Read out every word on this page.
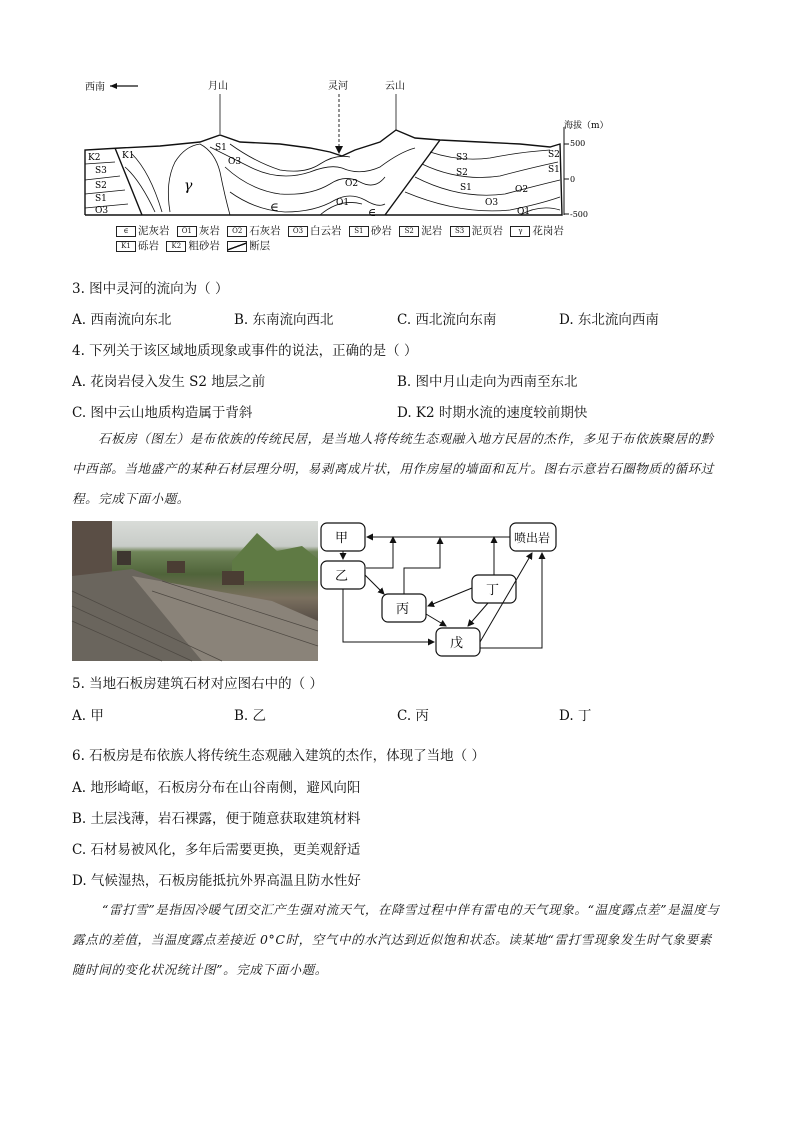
西南	月山	灵河	云山
K2 K1
S3
S2
S1
O3
γ
S1
O3
O2
O1
∈	∈
S3
S2
S1
O3
O2
O1
S2
S1
海拔（m）
500
0
-500
∈ 泥灰岩 O1 灰岩 O2 石灰岩 O3 白云岩 S1 砂岩 S2 泥岩 S3 泥页岩 γ 花岗岩
K1 砾岩 K2 粗砂岩	断层
3. 图中灵河的流向为（ ）
A. 西南流向东北	B. 东南流向西北	C. 西北流向东南	D. 东北流向西南
4. 下列关于该区域地质现象或事件的说法，正确的是（ ）
A. 花岗岩侵入发生 S2 地层之前	B. 图中月山走向为西南至东北
C. 图中云山地质构造属于背斜	D. K2 时期水流的速度较前期快
石板房（图左）是布依族的传统民居，是当地人将传统生态观融入地方民居的杰作，多见于布依族聚居的黔中西部。当地盛产的某种石材层理分明，易剥离成片状，用作房屋的墙面和瓦片。图右示意岩石圈物质的循环过程。完成下面小题。
甲	喷出岩
乙
丙
丁
戊
5. 当地石板房建筑石材对应图右中的（ ）
A. 甲	B. 乙	C. 丙	D. 丁
6. 石板房是布依族人将传统生态观融入建筑的杰作，体现了当地（ ）
A. 地形崎岖，石板房分布在山谷南侧，避风向阳
B. 土层浅薄，岩石裸露，便于随意获取建筑材料
C. 石材易被风化，多年后需要更换，更美观舒适
D. 气候湿热，石板房能抵抗外界高温且防水性好
“雷打雪”是指因冷暖气团交汇产生强对流天气，在降雪过程中伴有雷电的天气现象。“温度露点差”是温度与露点的差值，当温度露点差接近 0°C时，空气中的水汽达到近似饱和状态。读某地“雷打雪现象发生时气象要素随时间的变化状况统计图”。完成下面小题。
